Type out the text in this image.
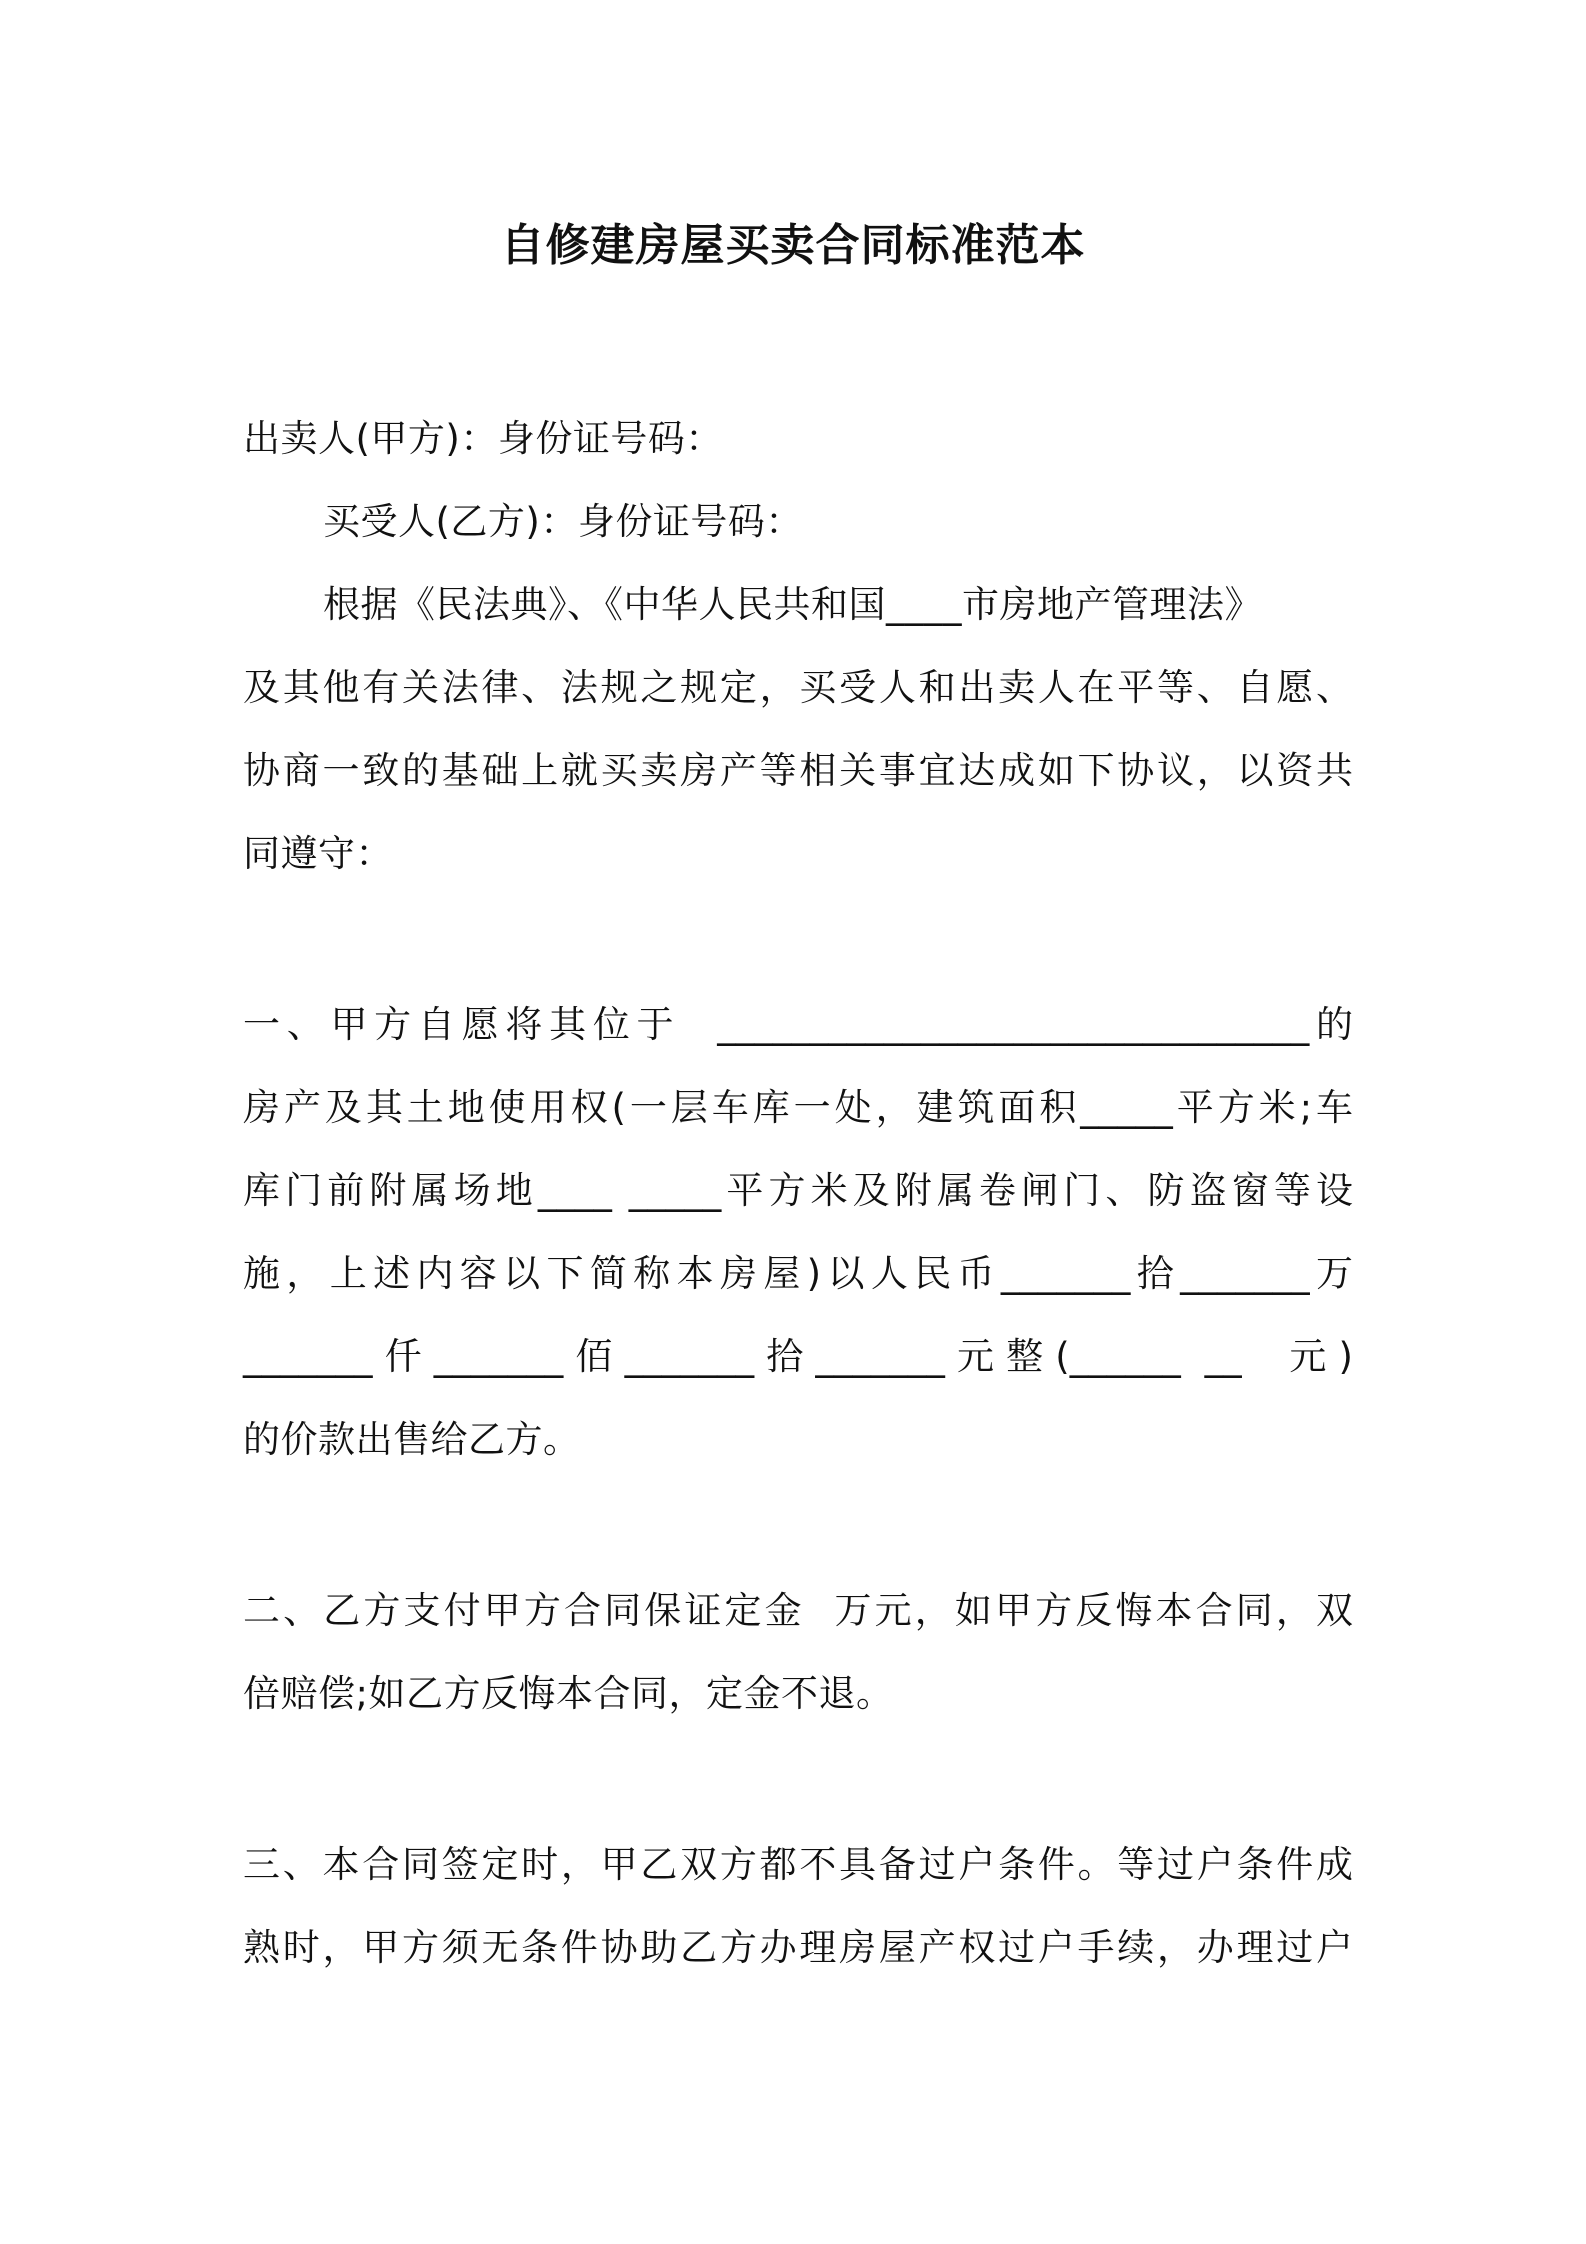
自修建房屋买卖合同标准范本
出卖人(甲方)：身份证号码：
买受人(乙方)：身份证号码：
根据《民法典》、《中华人民共和国____市房地产管理法》
及其他有关法律、法规之规定，买受人和出卖人在平等、自愿、
协商一致的基础上就买卖房产等相关事宜达成如下协议，以资共
同遵守：
一、甲方自愿将其位于  ________________________________的
房产及其土地使用权(一层车库一处，建筑面积_____平方米;车
库门前附属场地____ _____平方米及附属卷闸门、防盗窗等设
施，上述内容以下简称本房屋)以人民币_______拾_______万
_______仟_______佰_______拾_______元整(______ __  元)
的价款出售给乙方。
二、乙方支付甲方合同保证定金  万元，如甲方反悔本合同，双
倍赔偿;如乙方反悔本合同，定金不退。
三、本合同签定时，甲乙双方都不具备过户条件。等过户条件成
熟时，甲方须无条件协助乙方办理房屋产权过户手续，办理过户
